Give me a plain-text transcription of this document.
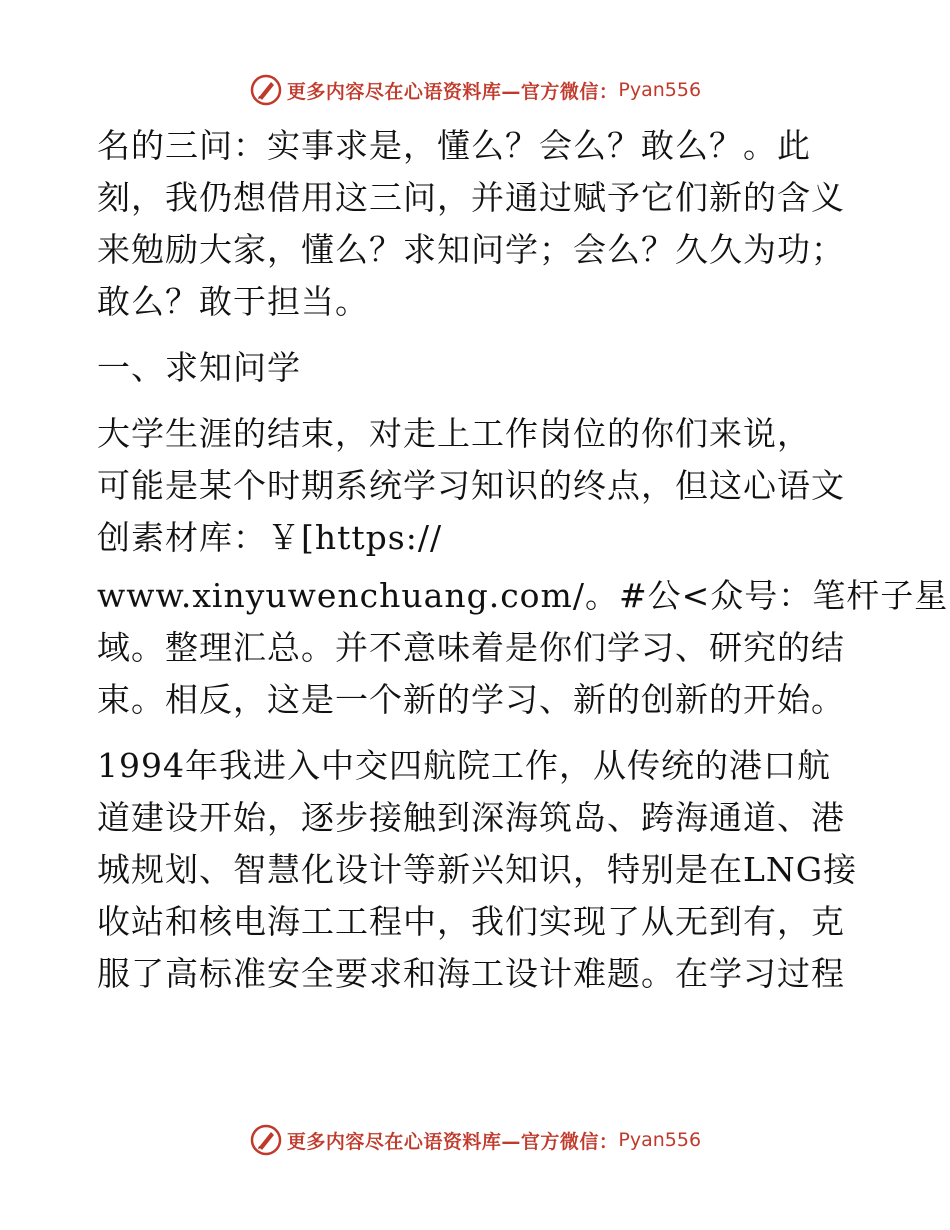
更多内容尽在心语资料库—官方微信： Pyan556
名的三问：实事求是，懂么？会么？敢么？。此
刻，我仍想借用这三问，并通过赋予它们新的含义
来勉励大家，懂么？求知问学；会么？久久为功；
敢么？敢于担当。
一、求知问学
大学生涯的结束，对走上工作岗位的你们来说，
可能是某个时期系统学习知识的终点，但这心语文
创素材库：￥[https://
www.xinyuwenchuang.com/。#公<众号：笔杆子星
域。整理汇总。并不意味着是你们学习、研究的结
束。相反，这是一个新的学习、新的创新的开始。
1994年我进入中交四航院工作，从传统的港口航
道建设开始，逐步接触到深海筑岛、跨海通道、港
城规划、智慧化设计等新兴知识，特别是在LNG接
收站和核电海工工程中，我们实现了从无到有，克
服了高标准安全要求和海工设计难题。在学习过程
更多内容尽在心语资料库—官方微信： Pyan556
